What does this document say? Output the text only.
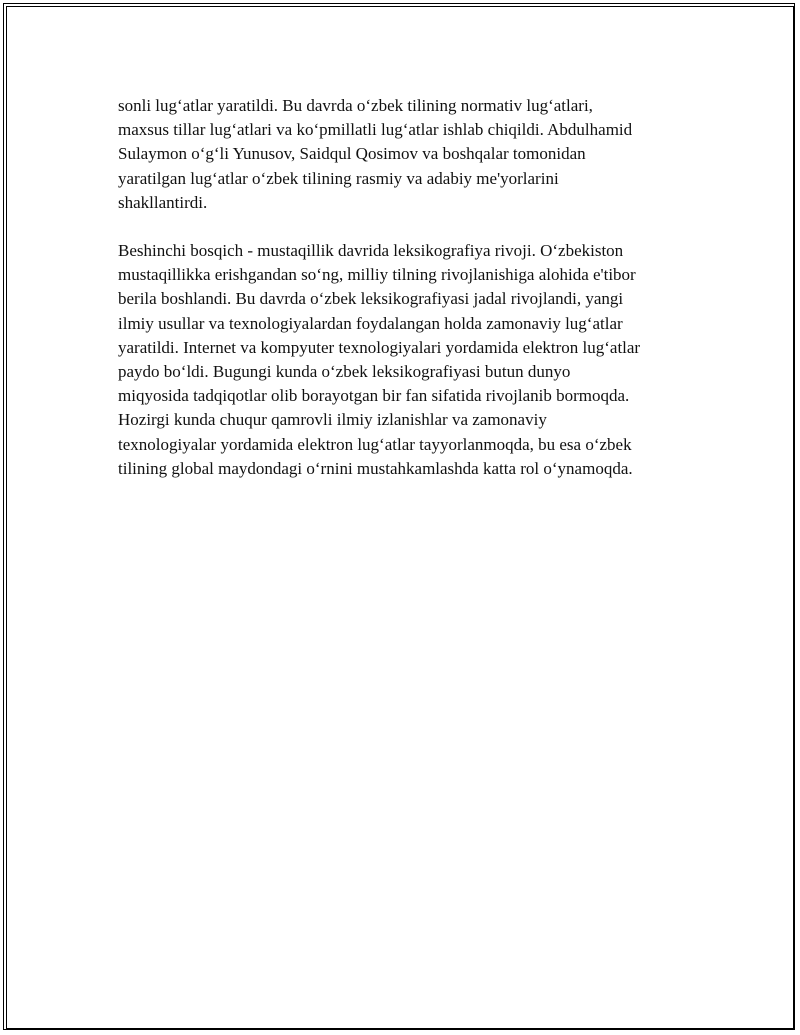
sonli lug‘atlar yaratildi. Bu davrda o‘zbek tilining normativ lug‘atlari,
maxsus tillar lug‘atlari va ko‘pmillatli lug‘atlar ishlab chiqildi. Abdulhamid
Sulaymon o‘g‘li Yunusov, Saidqul Qosimov va boshqalar tomonidan
yaratilgan lug‘atlar o‘zbek tilining rasmiy va adabiy me'yorlarini
shakllantirdi.

Beshinchi bosqich - mustaqillik davrida leksikografiya rivoji. O‘zbekiston
mustaqillikka erishgandan so‘ng, milliy tilning rivojlanishiga alohida e'tibor
berila boshlandi. Bu davrda o‘zbek leksikografiyasi jadal rivojlandi, yangi
ilmiy usullar va texnologiyalardan foydalangan holda zamonaviy lug‘atlar
yaratildi. Internet va kompyuter texnologiyalari yordamida elektron lug‘atlar
paydo bo‘ldi. Bugungi kunda o‘zbek leksikografiyasi butun dunyo
miqyosida tadqiqotlar olib borayotgan bir fan sifatida rivojlanib bormoqda.
Hozirgi kunda chuqur qamrovli ilmiy izlanishlar va zamonaviy
texnologiyalar yordamida elektron lug‘atlar tayyorlanmoqda, bu esa o‘zbek
tilining global maydondagi o‘rnini mustahkamlashda katta rol o‘ynamoqda.
